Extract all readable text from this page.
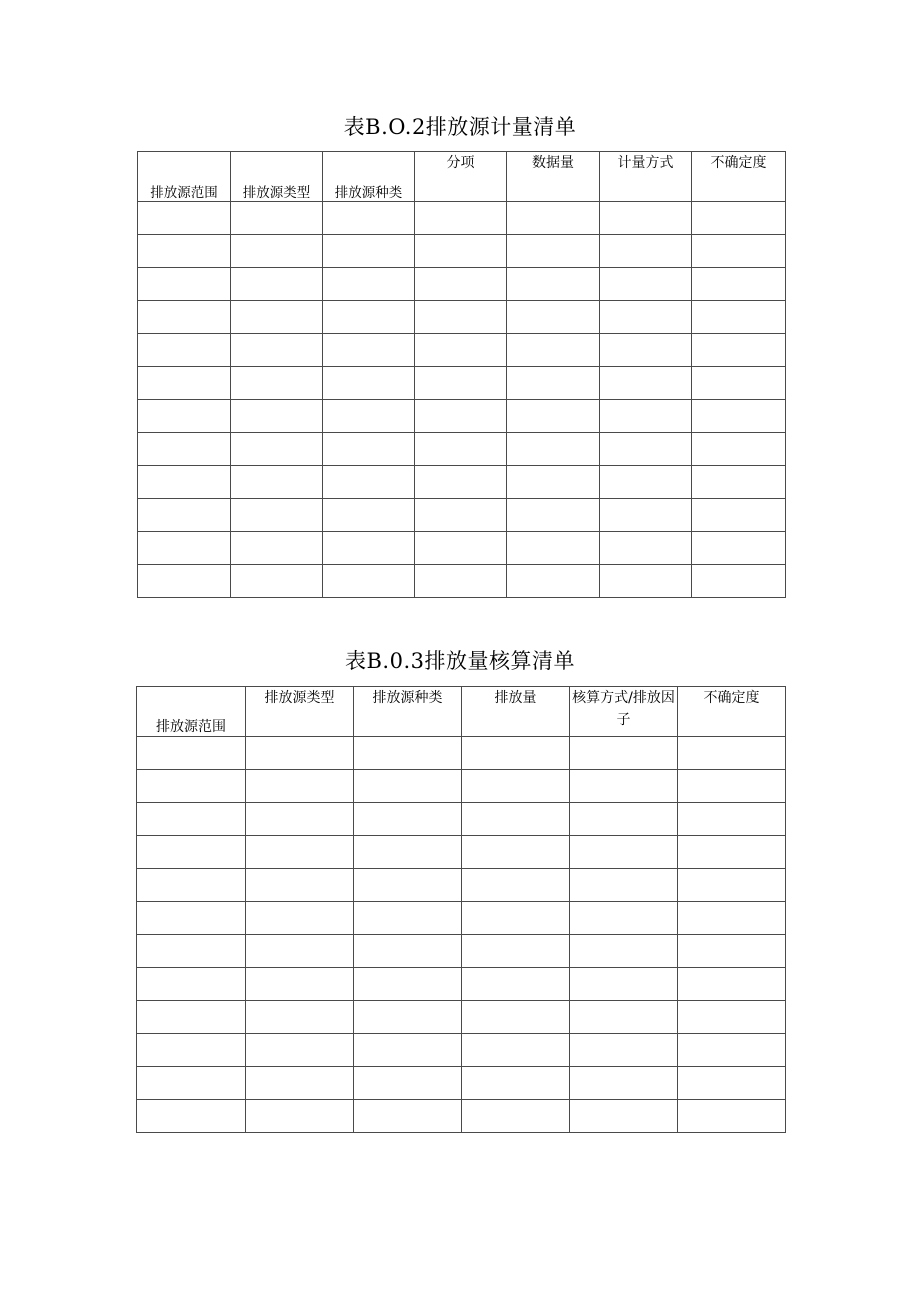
表B.O.2排放源计量清单
排放源范围	排放源类型	排放源种类	分项	数据量	计量方式	不确定度

表B.0.3排放量核算清单
排放源范围	排放源类型	排放源种类	排放量	核算方式/排放因子	不确定度
